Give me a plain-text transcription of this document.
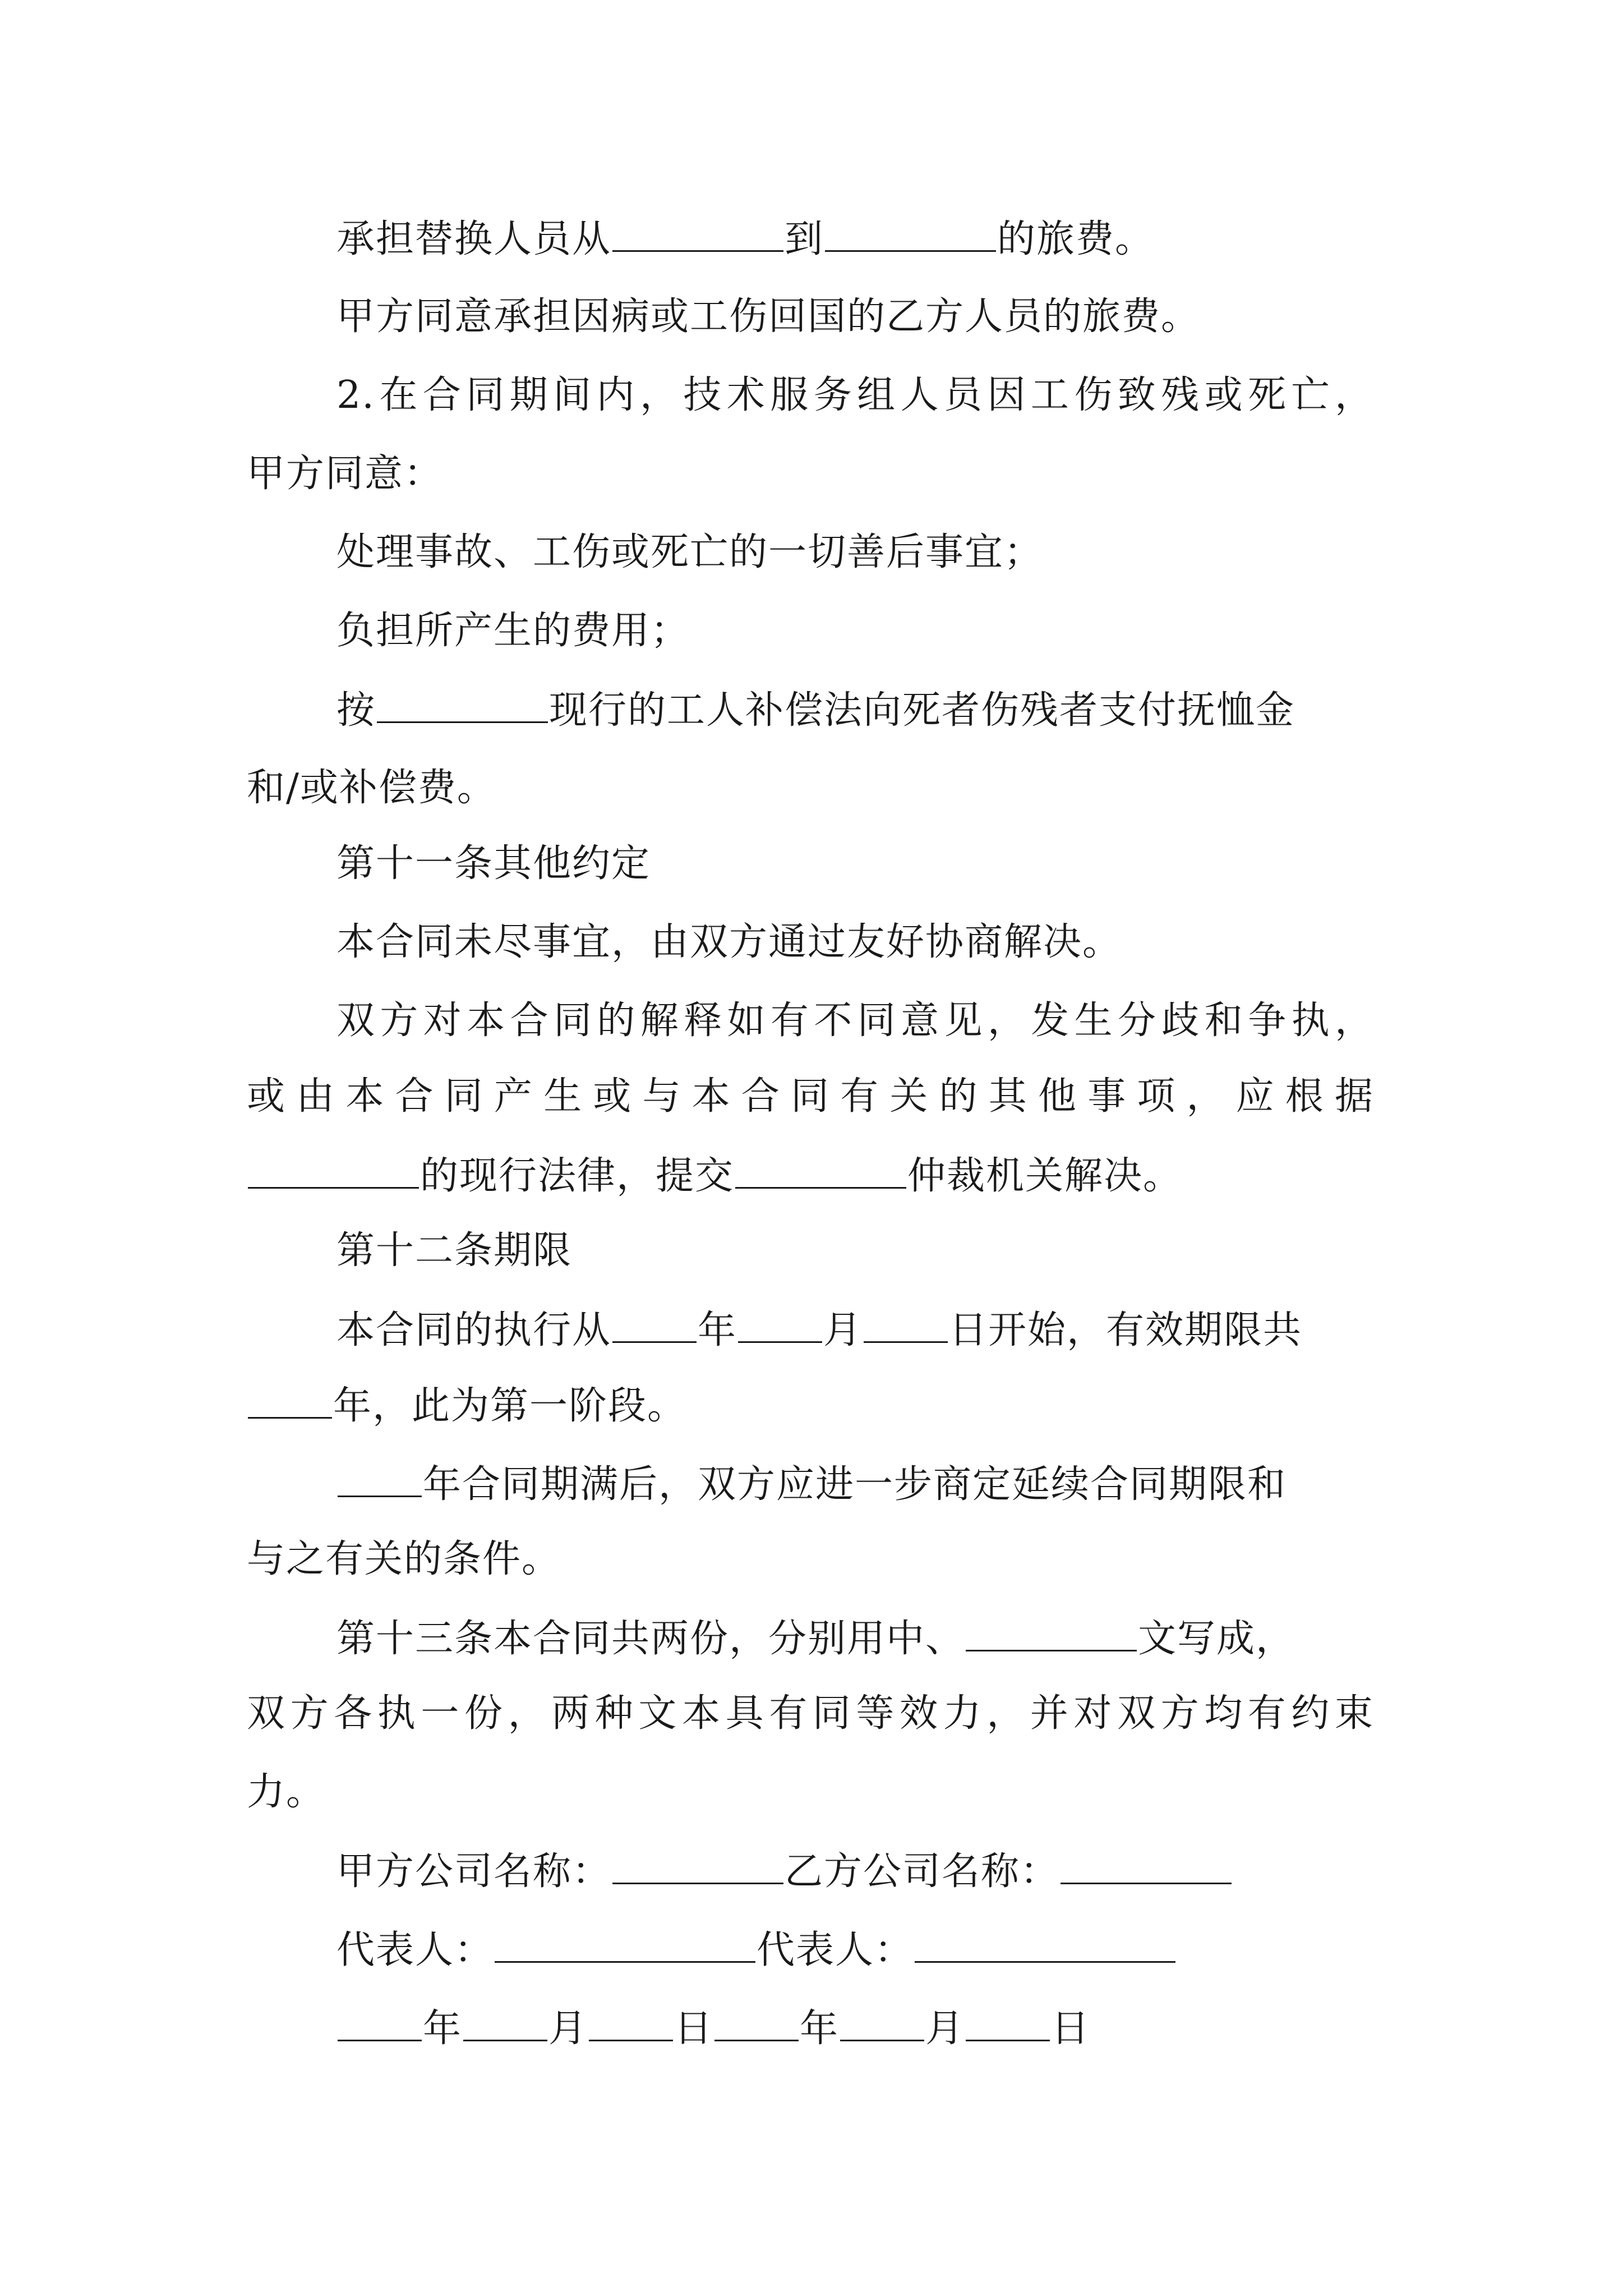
承担替换人员从	到	的旅费。
甲方同意承担因病或工伤回国的乙方人员的旅费。
2.在合同期间内，技术服务组人员因工伤致残或死亡，
甲方同意：
处理事故、工伤或死亡的一切善后事宜；
负担所产生的费用；
按	现行的工人补偿法向死者伤残者支付抚恤金
和/或补偿费。
第十一条其他约定
本合同未尽事宜，由双方通过友好协商解决。
双方对本合同的解释如有不同意见，发生分歧和争执，
或由本合同产生或与本合同有关的其他事项，应根据
的现行法律，提交	仲裁机关解决。
第十二条期限
本合同的执行从 年 月 日开始，有效期限共
年，此为第一阶段。
年合同期满后，双方应进一步商定延续合同期限和
与之有关的条件。
第十三条本合同共两份，分别用中、	文写成，
双方各执一份，两种文本具有同等效力，并对双方均有约束
力。
甲方公司名称：	乙方公司名称：
代表人：	代表人：
年 月 日 年 月 日
